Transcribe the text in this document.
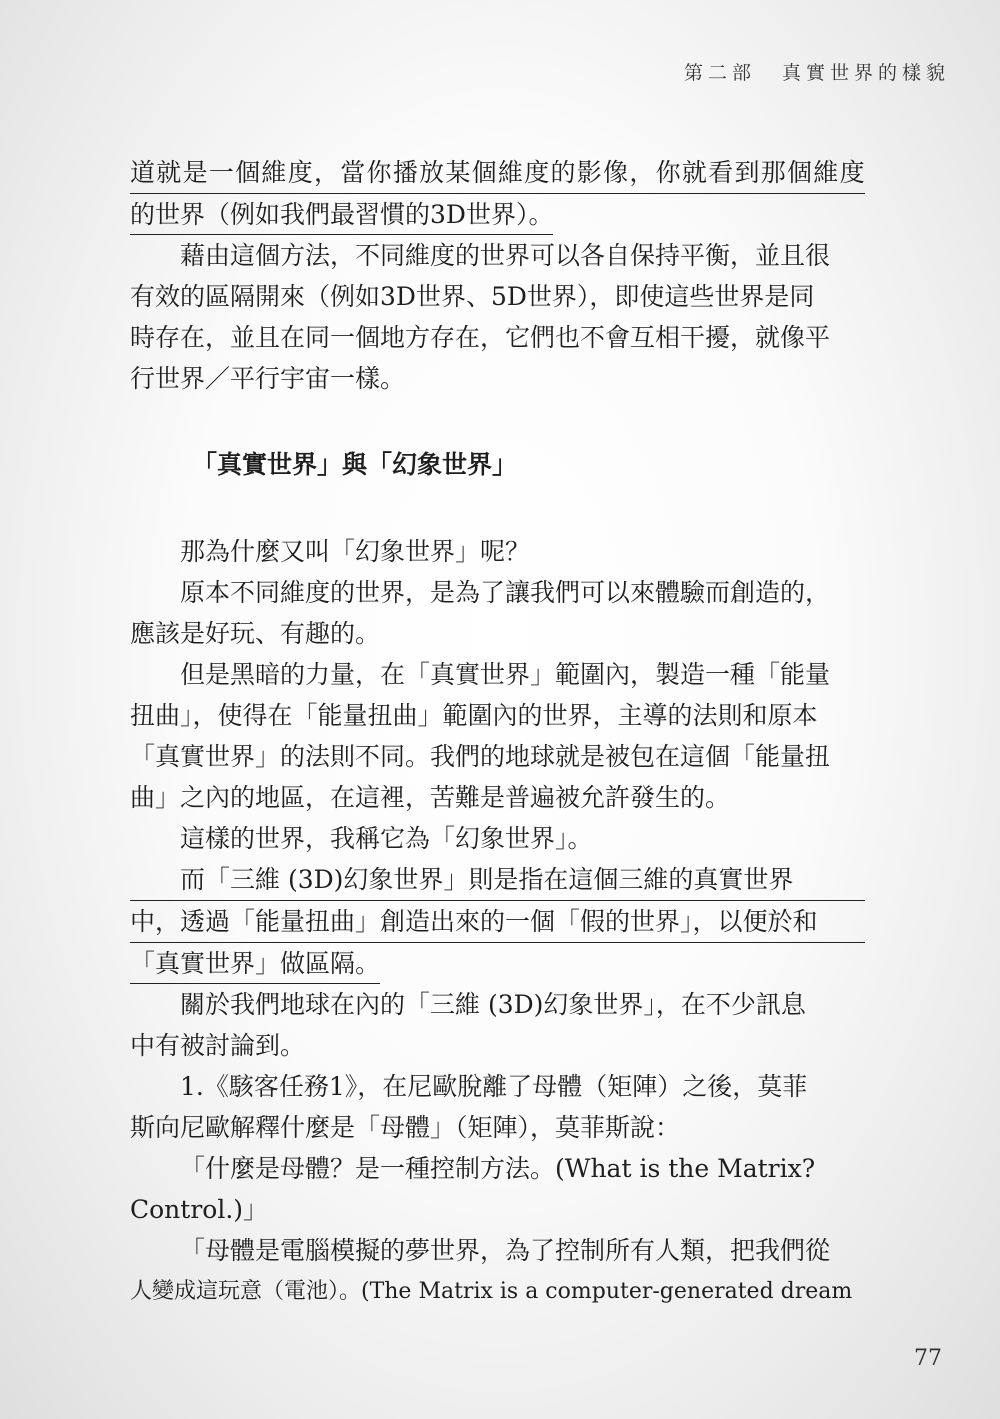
第二部 真實世界的樣貌
道 就 是 一 個 維 度 ， 當 你 播 放 某 個 維 度 的 影 像 ， 你 就 看 到 那 個 維 度
的世界（例如我們最習慣的3D世界）。
藉由這個方法，不同維度的世界可以各自保持平衡，並且很
有效的區隔開來（例如3D世界、5D世界），即使這些世界是同
時存在，並且在同一個地方存在，它們也不會互相干擾，就像平
行世界／平行宇宙一樣。
「真實世界」與「幻象世界」
那為什麼又叫「幻象世界」呢？
原本不同維度的世界，是為了讓我們可以來體驗而創造的，
應該是好玩、有趣的。
但是黑暗的力量，在「真實世界」範圍內，製造一種「能量
扭曲」，使得在「能量扭曲」範圍內的世界，主導的法則和原本
「真實世界」的法則不同。我們的地球就是被包在這個「能量扭
曲」之內的地區，在這裡，苦難是普遍被允許發生的。
這樣的世界，我稱它為「幻象世界」。
而「三維 (3D)幻象世界」則是指在這個三維的真實世界
中，透過「能量扭曲」創造出來的一個「假的世界」，以便於和
「真實世界」做區隔。
關於我們地球在內的「三維 (3D)幻象世界」，在不少訊息
中有被討論到。
1.《駭客任務1》，在尼歐脫離了母體（矩陣）之後，莫菲
斯向尼歐解釋什麼是「母體」（矩陣），莫菲斯說：
「什麼是母體？是一種控制方法。(What is the Matrix?
Control.)」
「母體是電腦模擬的夢世界，為了控制所有人類，把我們從
人變成這玩意（電池）。(The Matrix is a computer-generated dream
77
